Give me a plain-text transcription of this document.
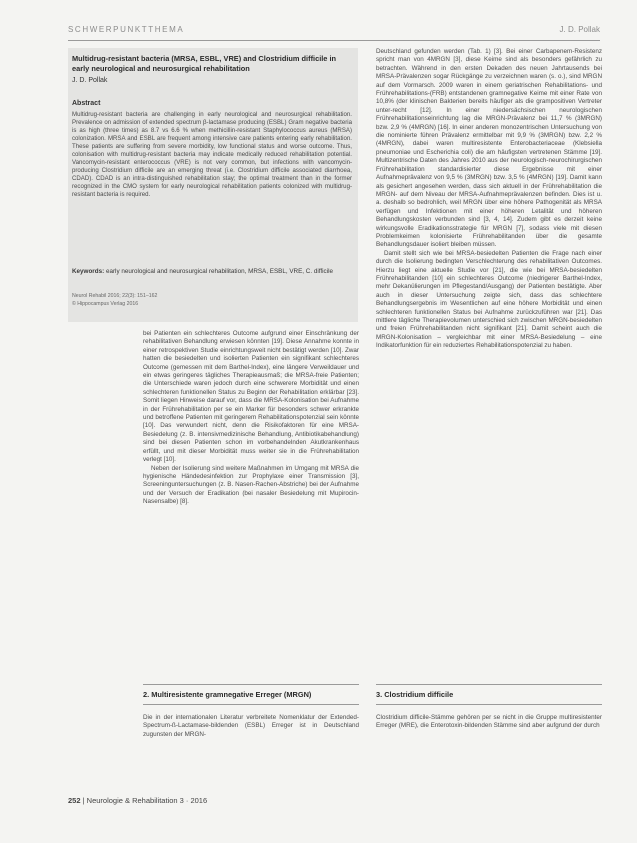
SCHWERPUNKTTHEMA	J. D. Pollak
Multidrug-resistant bacteria (MRSA, ESBL, VRE) and Clostridium difficile in early neurological and neurosurgical rehabilitation
J. D. Pollak
Abstract
Multidrug-resistant bacteria are challenging in early neurological and neurosurgical rehabilitation. Prevalence on admission of extended spectrum β-lactamase producing (ESBL) Gram negative bacteria is as high (three times) as 8.7 vs 6.6 % when methicillin-resistant Staphylococcus aureus (MRSA) colonization. MRSA and ESBL are frequent among intensive care patients entering early rehabilitation. These patients are suffering from severe morbidity, low functional status and worse outcome. Thus, colonisation with multidrug-resistant bacteria may indicate medically reduced rehabilitation potential. Vancomycin-resistant enterococcus (VRE) is not very common, but infections with vancomycin-producing Clostridium difficile are an emerging threat (i.e. Clostridium difficile associated diarrhoea, CDAD). CDAD is an intra-distinguished rehabilitation stay; the optimal treatment than in the former recognized in the CMO system for early neurological rehabilitation patients colonized with multidrug-resistant bacteria is required.
Keywords: early neurological and neurosurgical rehabilitation, MRSA, ESBL, VRE, C. difficile
Neurol Rehabil 2016; 22(3): 151–162
© Hippocampus Verlag 2016

bei Patienten ein schlechteres Outcome aufgrund einer Einschränkung der rehabilitativen Behandlung erwiesen könnten [19]. Diese Annahme konnte in einer retrospektiven Studie einrichtungsweit nicht bestätigt werden [10]. Zwar hatten die besiedelten und isolierten Patienten ein signifikant schlechteres Outcome (gemessen mit dem Barthel-Index), eine längere Verweildauer und ein etwas geringeres tägliches Therapieausmaß; die MRSA-freie Patienten; die Unterschiede waren jedoch durch eine schwerere Morbidität und einen schlechteren funktionellen Status zu Beginn der Rehabilitation erklärbar [23]. Somit liegen Hinweise darauf vor, dass die MRSA-Kolonisation bei Aufnahme in der Frührehabilitation per se ein Marker für besonders schwer erkrankte und betroffene Patienten mit geringerem Rehabilitationspotenzial sein könnte [10]. Das verwundert nicht, denn die Risikofaktoren für eine MRSA-Besiedelung (z. B. intensivmedizinische Behandlung, Antibiotikabehandlung) sind bei diesen Patienten schon im vorbehandelnden Akutkrankenhaus erfüllt, und mit dieser Morbidität muss weiter sie in die Frührehabilitation verlegt [10].

Neben der Isolierung sind weitere Maßnahmen im Umgang mit MRSA die hygienische Händedesinfektion zur Prophylaxe einer Transmission [3], Screeninguntersuchungen (z. B. Nasen-Rachen-Abstriche) bei der Aufnahme und der Versuch der Eradikation (bei nasaler Besiedelung mit Mupirocin-Nasensalbe) [8].

Deutschland gefunden werden (Tab. 1) [3]. Bei einer Carbapenem-Resistenz spricht man von 4MRGN [3], diese Keime sind als besonders gefährlich zu betrachten. Während in den ersten Dekaden des neuen Jahrtausends bei MRSA-Prävalenzen sogar Rückgänge zu verzeichnen waren (s. o.), sind MRGN auf dem Vormarsch. 2009 waren in einem geriatrischen Rehabilitations- und Frührehabilitations-(FRB) entstandenen gramnegative Keime mit einer Rate von 10,8% (der klinischen Bakterien bereits häufiger als die grampositiven Vertreter unter-recht [12]. In einer niedersächsischen neurologischen Frührehabilitationseinrichtung lag die MRGN-Prävalenz bei 11,7 % (3MRGN) bzw. 2,9 % (4MRGN) [16]. In einer anderen monozentrischen Untersuchung von die nominierte führen Prävalenz ermittelbar mit 9,9 % (3MRGN) bzw. 2,2 % (4MRGN), dabei waren multiresistente Enterobacteriaceae (Klebsiella pneumoniae und Escherichia coli) die am häufigsten vertretenen Stämme [19]. Multizentrische Daten des Jahres 2010 aus der neurologisch-neurochirurgischen Frührehabilitation standardisierter diese Ergebnisse mit einer Aufnahmeprävalenz von 9,5 % (3MRGN) bzw. 3,5 % (4MRGN) [19]. Damit kann als gesichert angesehen werden, dass sich aktuell in der Frührehabilitation die MRGN- auf dem Niveau der MRSA-Aufnahmeprävalenzen befinden. Dies ist u. a. deshalb so bedrohlich, weil MRGN über eine höhere Pathogenität als MRSA verfügen und Infektionen mit einer höheren Letalität und höheren Behandlungskosten verbunden sind [3, 4, 14]. Zudem gibt es derzeit keine wirkungsvolle Eradikationsstrategie für MRGN [7], sodass viele mit diesen Problemkeimen kolonisierte Frührehabilitanden über die gesamte Behandlungsdauer isoliert bleiben müssen.

Damit stellt sich wie bei MRSA-besiedelten Patienten die Frage nach einer durch die Isolierung bedingten Verschlechterung des rehabilitativen Outcomes. Hierzu liegt eine aktuelle Studie vor [21], die wie bei MRSA-besiedelten Frührehabilitanden [10] ein schlechteres Outcome (niedrigerer Barthel-Index, mehr Dekanülierungen im Pflegestand/Ausgang) der Patienten bestätigte. Aber auch in dieser Untersuchung zeigte sich, dass das schlechtere Behandlungsergebnis im Wesentlichen auf eine höhere Morbidität und einen schlechteren funktionellen Status bei Aufnahme zurückzuführen war [21]. Das mittlere tägliche Therapievolumen unterschied sich zwischen MRGN-besiedelten und freien Frührehabilitanden nicht signifikant [21]. Damit scheint auch die MRGN-Kolonisation – vergleichbar mit einer MRSA-Besiedelung – eine Indikatorfunktion für ein reduziertes Rehabilitationspotenzial zu haben.

2. Multiresistente gramnegative Erreger (MRGN)
Die in der internationalen Literatur verbreitete Nomenklatur der Extended-Spectrum-ß-Lactamase-bildenden (ESBL) Erreger ist in Deutschland zugunsten der MRGN-
3. Clostridium difficile
Clostridium difficile-Stämme gehören per se nicht in die Gruppe multiresistenter Erreger (MRE), die Enterotoxin-bildenden Stämme sind aber aufgrund der durch
252 | Neurologie & Rehabilitation 3 · 2016
